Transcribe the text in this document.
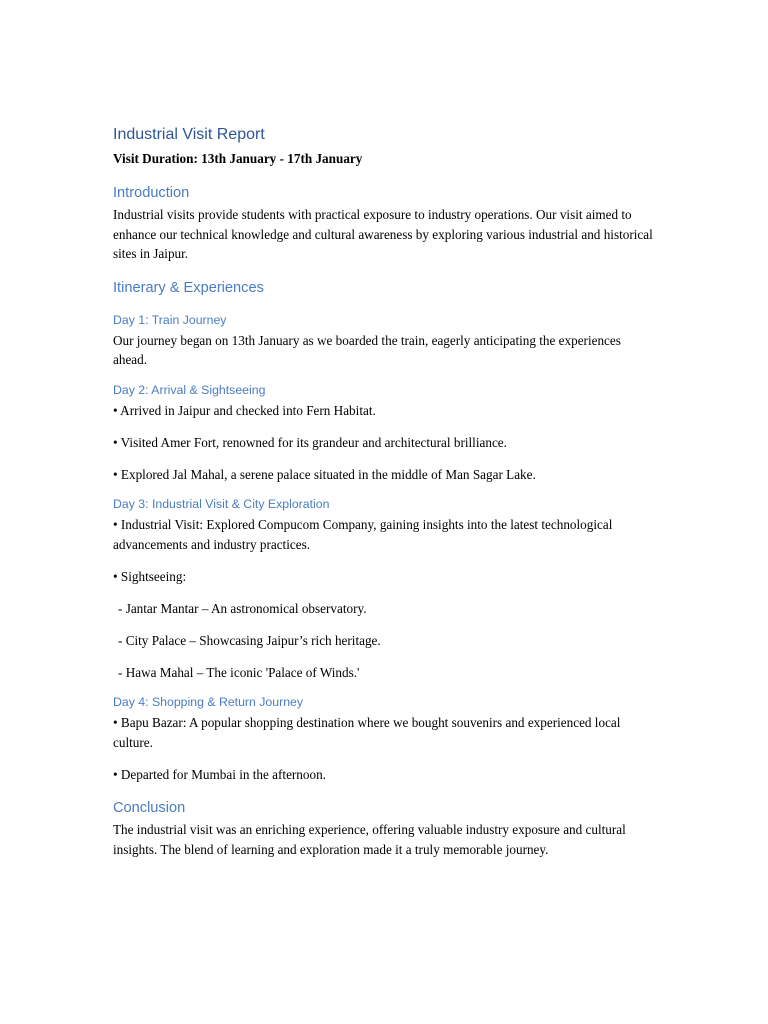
Industrial Visit Report

Visit Duration: 13th January - 17th January

Introduction

Industrial visits provide students with practical exposure to industry operations. Our visit aimed to enhance our technical knowledge and cultural awareness by exploring various industrial and historical sites in Jaipur.

Itinerary & Experiences
Day 1: Train Journey

Our journey began on 13th January as we boarded the train, eagerly anticipating the experiences ahead.

Day 2: Arrival & Sightseeing

• Arrived in Jaipur and checked into Fern Habitat.

• Visited Amer Fort, renowned for its grandeur and architectural brilliance.

• Explored Jal Mahal, a serene palace situated in the middle of Man Sagar Lake.

Day 3: Industrial Visit & City Exploration

• Industrial Visit: Explored Compucom Company, gaining insights into the latest technological advancements and industry practices.

• Sightseeing:

- Jantar Mantar – An astronomical observatory.

- City Palace – Showcasing Jaipur’s rich heritage.

- Hawa Mahal – The iconic 'Palace of Winds.'

Day 4: Shopping & Return Journey

• Bapu Bazar: A popular shopping destination where we bought souvenirs and experienced local culture.

• Departed for Mumbai in the afternoon.

Conclusion

The industrial visit was an enriching experience, offering valuable industry exposure and cultural insights. The blend of learning and exploration made it a truly memorable journey.
